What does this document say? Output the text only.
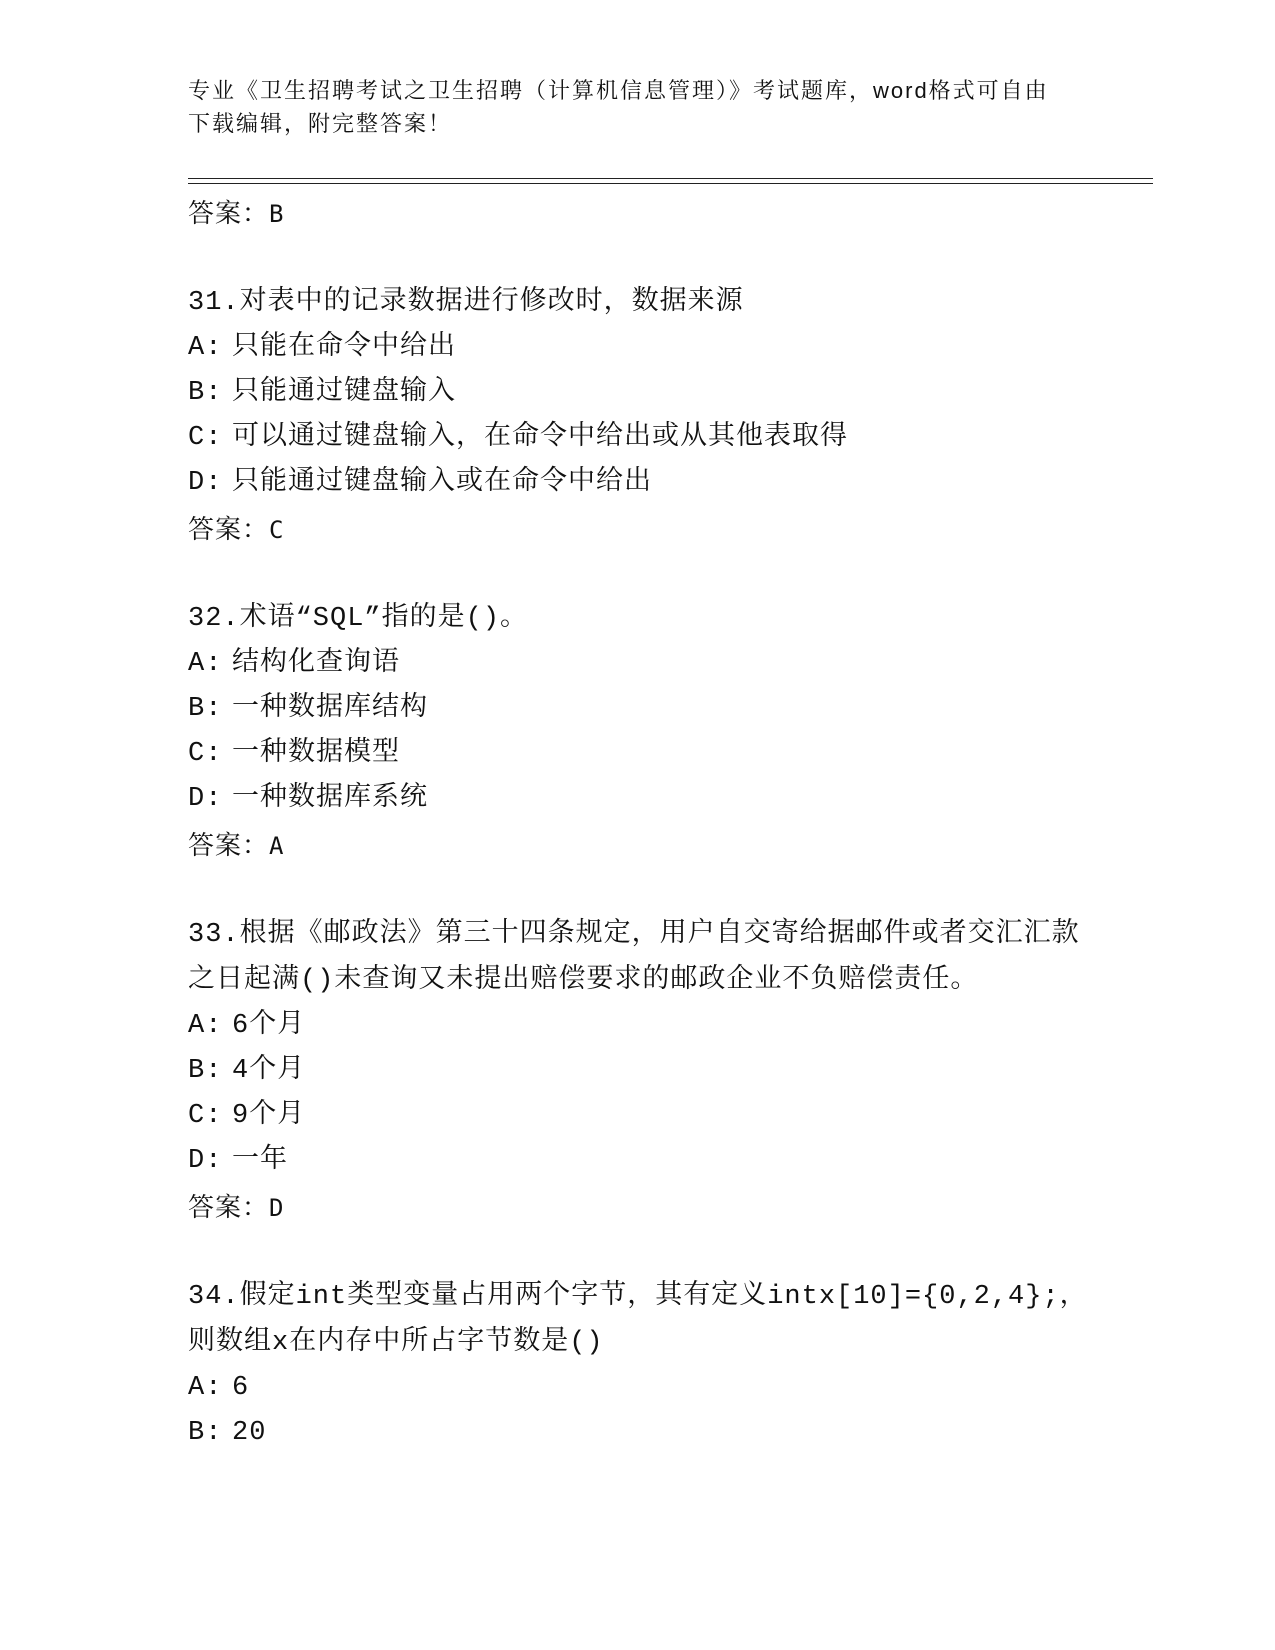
专业《卫生招聘考试之卫生招聘（计算机信息管理）》考试题库，word格式可自由下载编辑，附完整答案！

答案：B

31.对表中的记录数据进行修改时，数据来源

A: 只能在命令中给出

B: 只能通过键盘输入

C: 可以通过键盘输入，在命令中给出或从其他表取得

D: 只能通过键盘输入或在命令中给出

答案：C

32.术语“SQL”指的是()。

A: 结构化查询语

B: 一种数据库结构

C: 一种数据模型

D: 一种数据库系统

答案：A

33.根据《邮政法》第三十四条规定，用户自交寄给据邮件或者交汇汇款之日起满()未查询又未提出赔偿要求的邮政企业不负赔偿责任。

A: 6个月

B: 4个月

C: 9个月

D: 一年

答案：D

34.假定int类型变量占用两个字节，其有定义intx[10]={0,2,4};，则数组x在内存中所占字节数是()

A: 6

B: 20
